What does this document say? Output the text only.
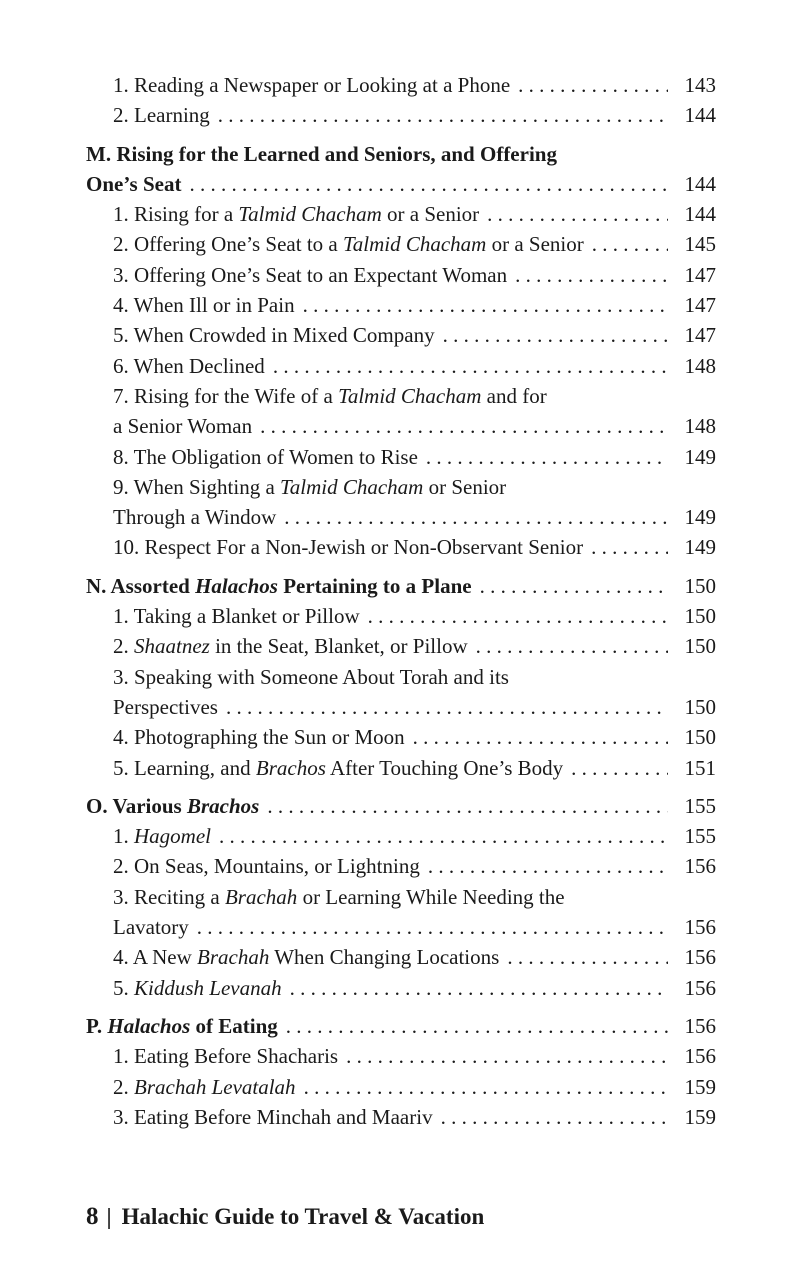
1. Reading a Newspaper or Looking at a Phone . . .	143
2. Learning . . .	144
M. Rising for the Learned and Seniors, and Offering
One’s Seat . . .	144
1. Rising for a Talmid Chacham or a Senior . . .	144
2. Offering One’s Seat to a Talmid Chacham or a Senior . . .	145
3. Offering One’s Seat to an Expectant Woman . . .	147
4. When Ill or in Pain . . .	147
5. When Crowded in Mixed Company . . .	147
6. When Declined . . .	148
7. Rising for the Wife of a Talmid Chacham and for
a Senior Woman . . .	148
8. The Obligation of Women to Rise . . .	149
9. When Sighting a Talmid Chacham or Senior
Through a Window . . .	149
10. Respect For a Non-Jewish or Non-Observant Senior . . .	149
N. Assorted Halachos Pertaining to a Plane . . .	150
1. Taking a Blanket or Pillow . . .	150
2. Shaatnez in the Seat, Blanket, or Pillow . . .	150
3. Speaking with Someone About Torah and its
Perspectives . . .	150
4. Photographing the Sun or Moon . . .	150
5. Learning, and Brachos After Touching One’s Body . . .	151
O. Various Brachos . . .	155
1. Hagomel . . .	155
2. On Seas, Mountains, or Lightning . . .	156
3. Reciting a Brachah or Learning While Needing the
Lavatory . . .	156
4. A New Brachah When Changing Locations . . .	156
5. Kiddush Levanah . . .	156
P. Halachos of Eating . . .	156
1. Eating Before Shacharis . . .	156
2. Brachah Levatalah . . .	159
3. Eating Before Minchah and Maariv . . .	159
8 | Halachic Guide to Travel & Vacation
